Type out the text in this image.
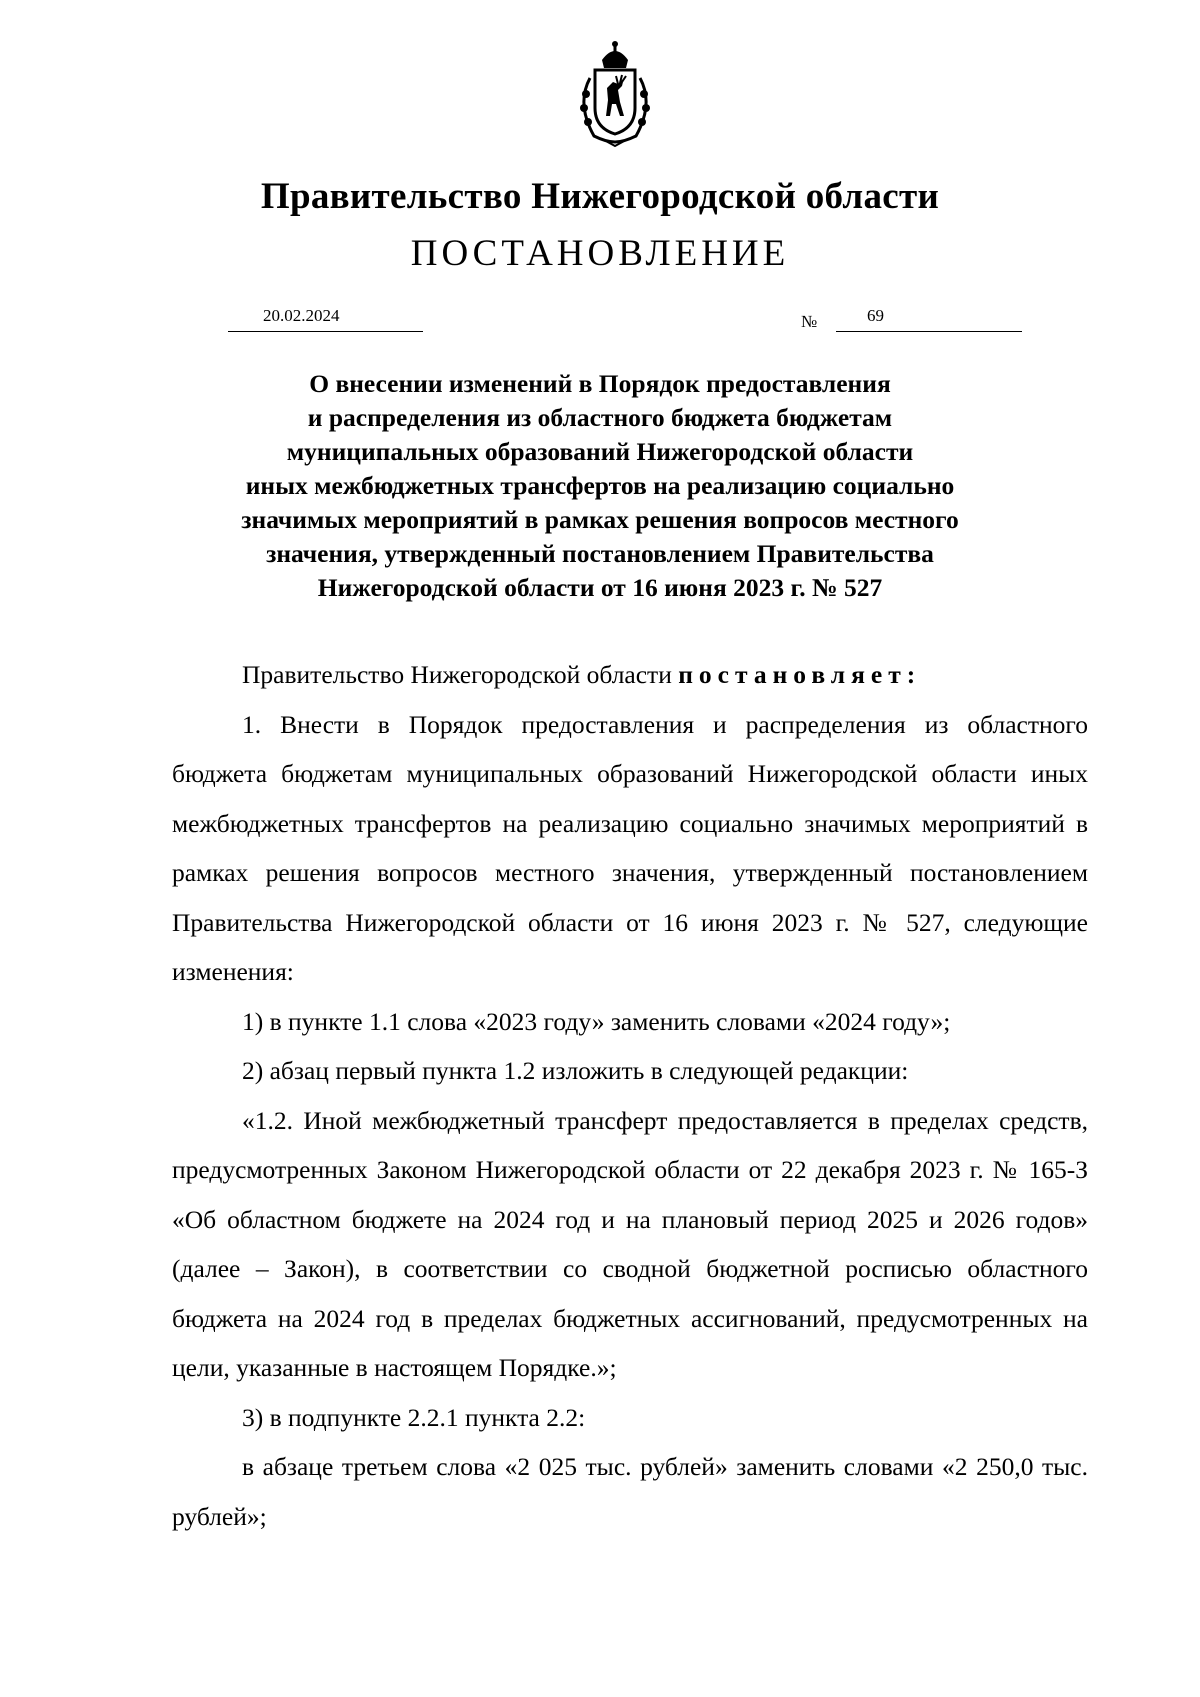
Правительство Нижегородской области
ПОСТАНОВЛЕНИЕ
20.02.2024	№	69
О внесении изменений в Порядок предоставления
и распределения из областного бюджета бюджетам
муниципальных образований Нижегородской области
иных межбюджетных трансфертов на реализацию социально
значимых мероприятий в рамках решения вопросов местного
значения, утвержденный постановлением Правительства
Нижегородской области от 16 июня 2023 г. № 527

Правительство Нижегородской области постановляет:

1. Внести в Порядок предоставления и распределения из областного бюджета бюджетам муниципальных образований Нижегородской области иных межбюджетных трансфертов на реализацию социально значимых мероприятий в рамках решения вопросов местного значения, утвержденный постановлением Правительства Нижегородской области от 16 июня 2023 г. № 527, следующие изменения:

1) в пункте 1.1 слова «2023 году» заменить словами «2024 году»;

2) абзац первый пункта 1.2 изложить в следующей редакции:

«1.2. Иной межбюджетный трансферт предоставляется в пределах средств, предусмотренных Законом Нижегородской области от 22 декабря 2023 г. № 165-З «Об областном бюджете на 2024 год и на плановый период 2025 и 2026 годов» (далее – Закон), в соответствии со сводной бюджетной росписью областного бюджета на 2024 год в пределах бюджетных ассигнований, предусмотренных на цели, указанные в настоящем Порядке.»;

3) в подпункте 2.2.1 пункта 2.2:

в абзаце третьем слова «2 025 тыс. рублей» заменить словами «2 250,0 тыс. рублей»;
